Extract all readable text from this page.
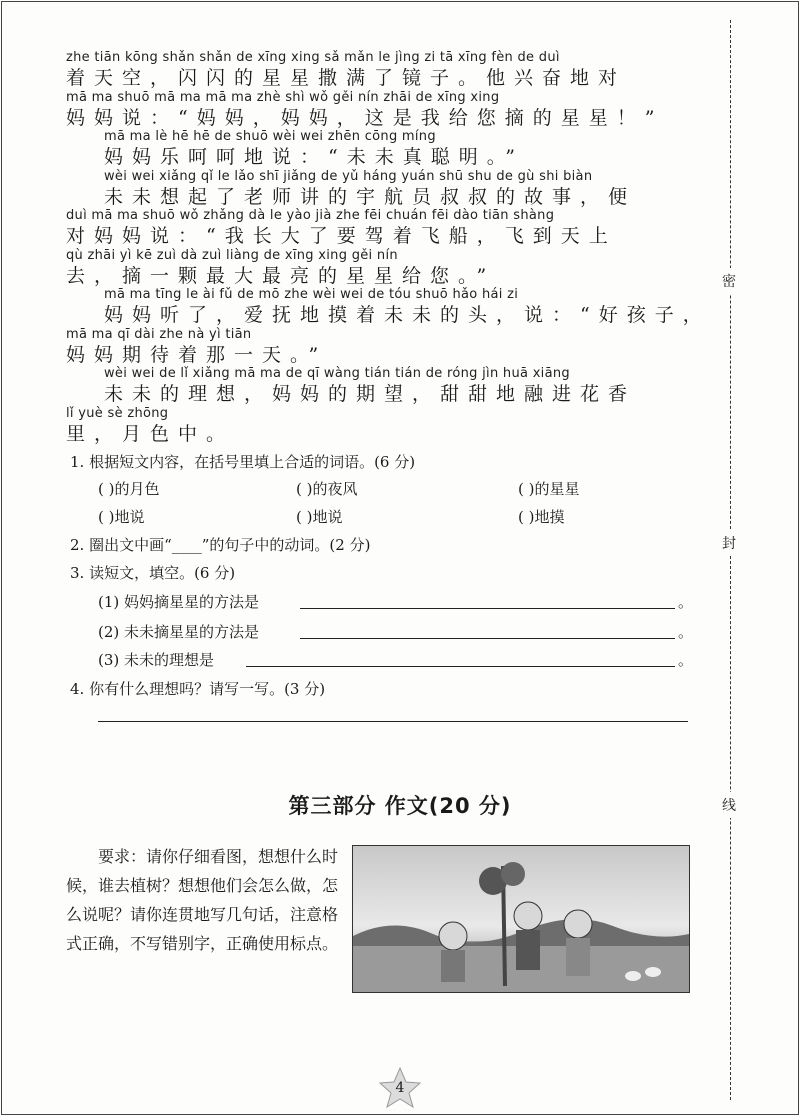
zhe tiān kōng shǎn shǎn de xīng xing sǎ mǎn le jìng zi tā xīng fèn de duì
着天空，闪闪的星星撒满了镜子。他兴奋地对
mā ma shuō mā ma mā ma zhè shì wǒ gěi nín zhāi de xīng xing
妈妈说：“妈妈，妈妈，这是我给您摘的星星！”
mā ma lè hē hē de shuō wèi wei zhēn cōng míng
妈妈乐呵呵地说：“未未真聪明。”
wèi wei xiǎng qǐ le lǎo shī jiǎng de yǔ háng yuán shū shu de gù shi biàn
未未想起了老师讲的宇航员叔叔的故事，便
duì mā ma shuō wǒ zhǎng dà le yào jià zhe fēi chuán fēi dào tiān shàng
对妈妈说：“我长大了要驾着飞船，飞到天上
qù zhāi yì kē zuì dà zuì liàng de xīng xing gěi nín
去，摘一颗最大最亮的星星给您。”
mā ma tīng le ài fǔ de mō zhe wèi wei de tóu shuō hǎo hái zi
妈妈听了，爱抚地摸着未未的头，说：“好孩子，
mā ma qī dài zhe nà yì tiān
妈妈期待着那一天。”
wèi wei de lǐ xiǎng mā ma de qī wàng tián tián de róng jìn huā xiāng
未未的理想，妈妈的期望，甜甜地融进花香
lǐ yuè sè zhōng
里，月色中。
1. 根据短文内容，在括号里填上合适的词语。(6 分)
( )的月色	( )的夜风	( )的星星
( )地说	( )地说	( )地摸
2. 圈出文中画“____”的句子中的动词。(2 分)
3. 读短文，填空。(6 分)
(1) 妈妈摘星星的方法是	。
(2) 未未摘星星的方法是	。
(3) 未未的理想是	。
4. 你有什么理想吗？请写一写。(3 分)
第三部分 作文(20 分)
要求：请你仔细看图，想想什么时候，谁去植树？想想他们会怎么做，怎么说呢？请你连贯地写几句话，注意格式正确，不写错别字，正确使用标点。
密
封
线
4
